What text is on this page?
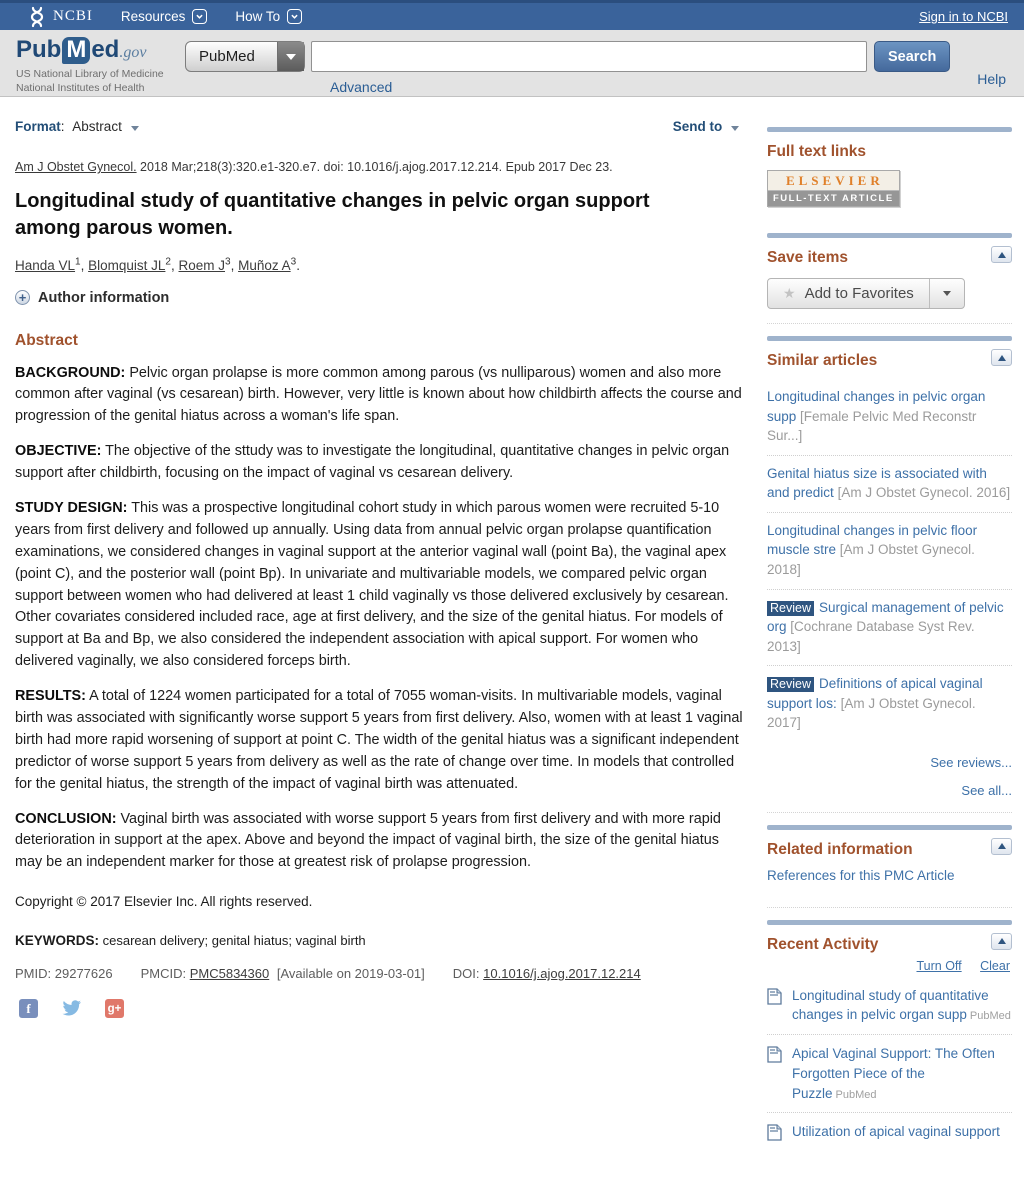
NCBI Resources	How To	Sign in to NCBI
Pub M ed.gov
US National Library of Medicine
National Institutes of Health
PubMed	Search
Advanced	Help
Format : Abstract	Send to

Am J Obstet Gynecol. 2018 Mar;218(3):320.e1-320.e7. doi: 10.1016/j.ajog.2017.12.214. Epub 2017 Dec 23.

Longitudinal study of quantitative changes in pelvic organ support among parous women.

Handa $VL^1$ , Blomquist $JL^2$ , Roem $J^3$ , Muñoz $A^3$ .

+
Author information
Abstract

BACKGROUND: Pelvic organ prolapse is more common among parous (vs nulliparous) women and also more common after vaginal (vs cesarean) birth. However, very little is known about how childbirth affects the course and progression of the genital hiatus across a woman's life span.

OBJECTIVE: The objective of the sttudy was to investigate the longitudinal, quantitative changes in pelvic organ support after childbirth, focusing on the impact of vaginal vs cesarean delivery.

STUDY DESIGN: This was a prospective longitudinal cohort study in which parous women were recruited 5-10 years from first delivery and followed up annually. Using data from annual pelvic organ prolapse quantification examinations, we considered changes in vaginal support at the anterior vaginal wall (point Ba), the vaginal apex (point C), and the posterior wall (point Bp). In univariate and multivariable models, we compared pelvic organ support between women who had delivered at least 1 child vaginally vs those delivered exclusively by cesarean. Other covariates considered included race, age at first delivery, and the size of the genital hiatus. For models of support at Ba and Bp, we also considered the independent association with apical support. For women who delivered vaginally, we also considered forceps birth.

RESULTS: A total of 1224 women participated for a total of 7055 woman-visits. In multivariable models, vaginal birth was associated with significantly worse support 5 years from first delivery. Also, women with at least 1 vaginal birth had more rapid worsening of support at point C. The width of the genital hiatus was a significant independent predictor of worse support 5 years from delivery as well as the rate of change over time. In models that controlled for the genital hiatus, the strength of the impact of vaginal birth was attenuated.

CONCLUSION: Vaginal birth was associated with worse support 5 years from first delivery and with more rapid deterioration in support at the apex. Above and beyond the impact of vaginal birth, the size of the genital hiatus may be an independent marker for those at greatest risk of prolapse progression.

Copyright © 2017 Elsevier Inc. All rights reserved.

KEYWORDS: cesarean delivery; genital hiatus; vaginal birth

PMID: 29277626 PMCID: PMC5834360 [Available on 2019-03-01] DOI: 10.1016/j.ajog.2017.12.214

f	g+
Full text links
ELSEVIER
FULL-TEXT ARTICLE
Save items
★ Add to Favorites
Similar articles
Longitudinal changes in pelvic organ supp [Female Pelvic Med Reconstr Sur...]
Genital hiatus size is associated with and predict [Am J Obstet Gynecol. 2016]
Longitudinal changes in pelvic floor muscle stre [Am J Obstet Gynecol. 2018]
Review Surgical management of pelvic org [Cochrane Database Syst Rev. 2013]
Review Definitions of apical vaginal support los: [Am J Obstet Gynecol. 2017]
See reviews...
See all...
Related information
References for this PMC Article
Recent Activity
Turn Off Clear
Longitudinal study of quantitative changes in pelvic organ supp PubMed
Apical Vaginal Support: The Often Forgotten Piece of the Puzzle PubMed
Utilization of apical vaginal support
